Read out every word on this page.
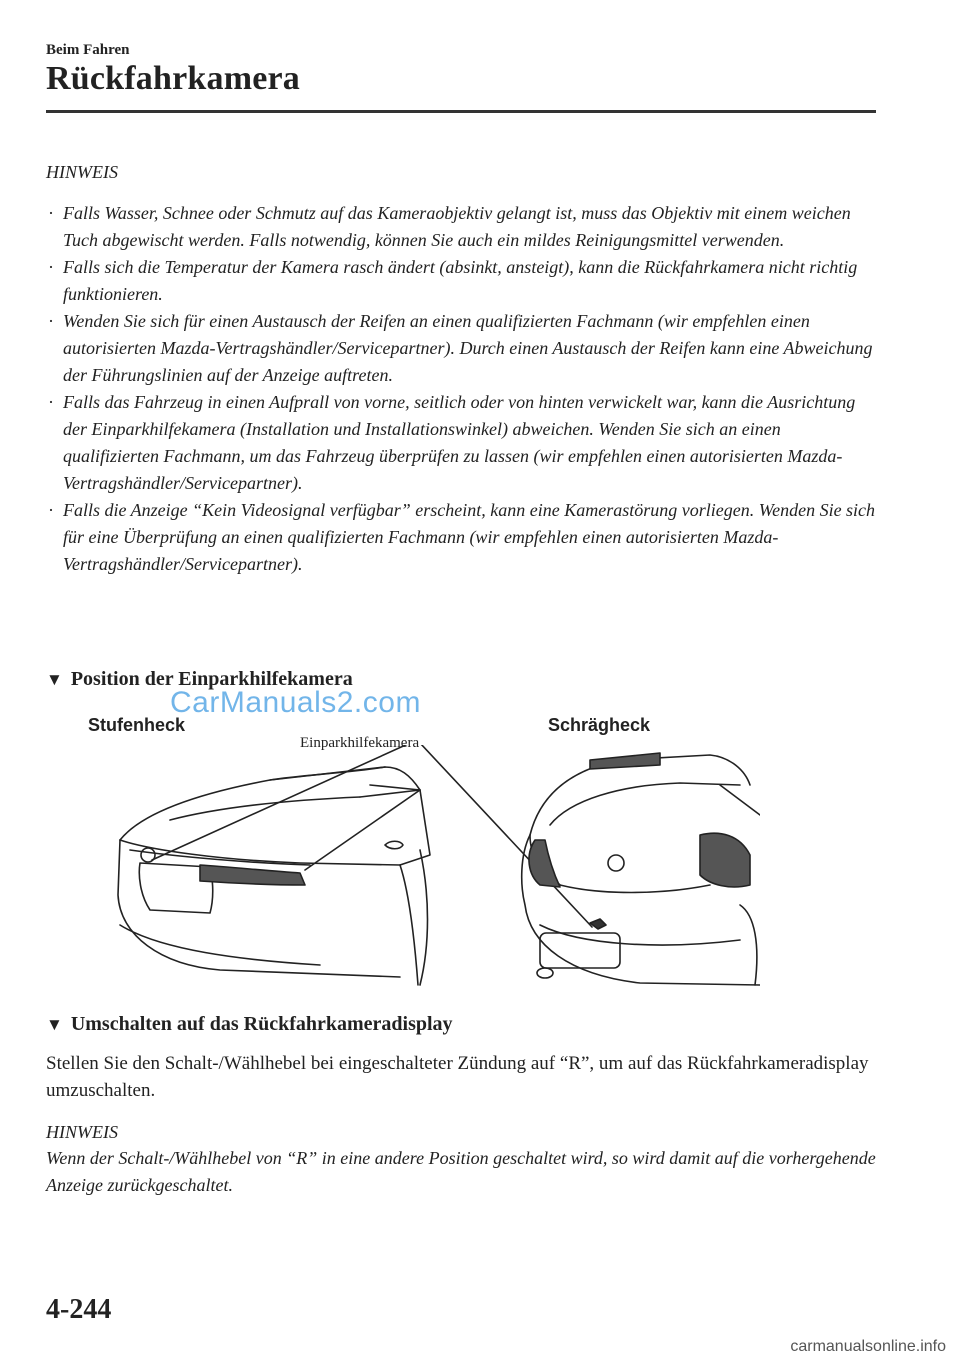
Beim Fahren
Rückfahrkamera
HINWEIS
· Falls Wasser, Schnee oder Schmutz auf das Kameraobjektiv gelangt ist, muss das Objektiv mit einem weichen Tuch abgewischt werden. Falls notwendig, können Sie auch ein mildes Reinigungsmittel verwenden.
· Falls sich die Temperatur der Kamera rasch ändert (absinkt, ansteigt), kann die Rückfahrkamera nicht richtig funktionieren.
· Wenden Sie sich für einen Austausch der Reifen an einen qualifizierten Fachmann (wir empfehlen einen autorisierten Mazda-Vertragshändler/Servicepartner). Durch einen Austausch der Reifen kann eine Abweichung der Führungslinien auf der Anzeige auftreten.
· Falls das Fahrzeug in einen Aufprall von vorne, seitlich oder von hinten verwickelt war, kann die Ausrichtung der Einparkhilfekamera (Installation und Installationswinkel) abweichen. Wenden Sie sich an einen qualifizierten Fachmann, um das Fahrzeug überprüfen zu lassen (wir empfehlen einen autorisierten Mazda-Vertragshändler/Servicepartner).
· Falls die Anzeige “Kein Videosignal verfügbar” erscheint, kann eine Kamerastörung vorliegen. Wenden Sie sich für eine Überprüfung an einen qualifizierten Fachmann (wir empfehlen einen autorisierten Mazda-Vertragshändler/Servicepartner).
▼ Position der Einparkhilfekamera
CarManuals2.com
Stufenheck	Schrägheck
Einparkhilfekamera
▼ Umschalten auf das Rückfahrkameradisplay
Stellen Sie den Schalt-/Wählhebel bei eingeschalteter Zündung auf “R”, um auf das Rückfahrkameradisplay umzuschalten.
HINWEIS
Wenn der Schalt-/Wählhebel von “R” in eine andere Position geschaltet wird, so wird damit auf die vorhergehende Anzeige zurückgeschaltet.
4-244
carmanualsonline.info
